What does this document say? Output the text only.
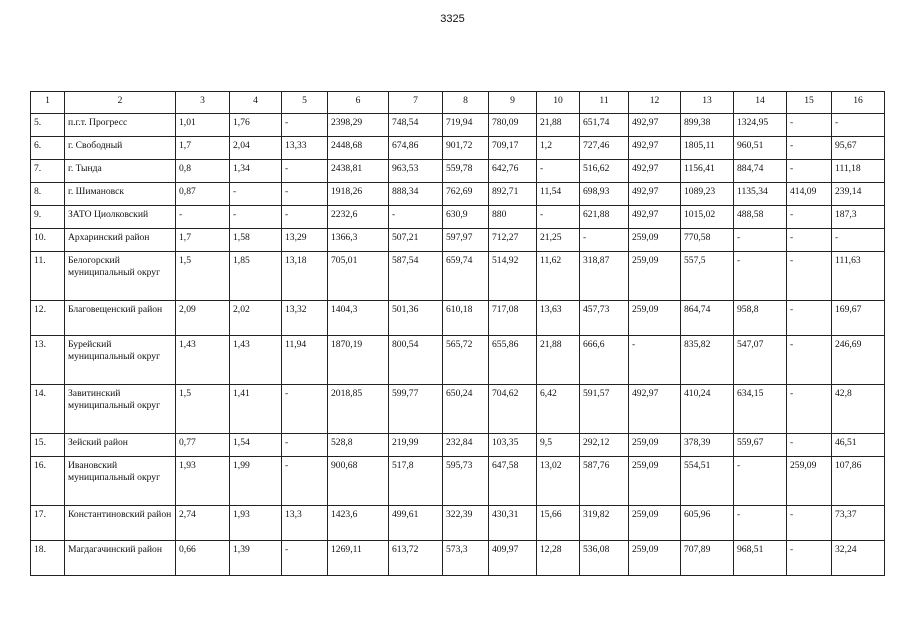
3325
1	2	3	4	5	6	7	8	9	10	11	12	13	14	15	16
5.	п.г.т. Прогресс	1,01	1,76	-	2398,29	748,54	719,94	780,09	21,88	651,74	492,97	899,38	1324,95	-	-
6.	г. Свободный	1,7	2,04	13,33	2448,68	674,86	901,72	709,17	1,2	727,46	492,97	1805,11	960,51	-	95,67
7.	г. Тында	0,8	1,34	-	2438,81	963,53	559,78	642,76	-	516,62	492,97	1156,41	884,74	-	111,18
8.	г. Шимановск	0,87	-	-	1918,26	888,34	762,69	892,71	11,54	698,93	492,97	1089,23	1135,34	414,09	239,14
9.	ЗАТО Циолковский	-	-	-	2232,6	-	630,9	880	-	621,88	492,97	1015,02	488,58	-	187,3
10.	Архаринский район	1,7	1,58	13,29	1366,3	507,21	597,97	712,27	21,25	-	259,09	770,58	-	-	-
11.	Белогорский муниципальный округ	1,5	1,85	13,18	705,01	587,54	659,74	514,92	11,62	318,87	259,09	557,5	-	-	111,63
12.	Благовещенский район	2,09	2,02	13,32	1404,3	501,36	610,18	717,08	13,63	457,73	259,09	864,74	958,8	-	169,67
13.	Бурейский муниципальный округ	1,43	1,43	11,94	1870,19	800,54	565,72	655,86	21,88	666,6	-	835,82	547,07	-	246,69
14.	Завитинский муниципальный округ	1,5	1,41	-	2018,85	599,77	650,24	704,62	6,42	591,57	492,97	410,24	634,15	-	42,8
15.	Зейский район	0,77	1,54	-	528,8	219,99	232,84	103,35	9,5	292,12	259,09	378,39	559,67	-	46,51
16.	Ивановский муниципальный округ	1,93	1,99	-	900,68	517,8	595,73	647,58	13,02	587,76	259,09	554,51	-	259,09	107,86
17.	Константиновский район	2,74	1,93	13,3	1423,6	499,61	322,39	430,31	15,66	319,82	259,09	605,96	-	-	73,37
18.	Магдагачинский район	0,66	1,39	-	1269,11	613,72	573,3	409,97	12,28	536,08	259,09	707,89	968,51	-	32,24
